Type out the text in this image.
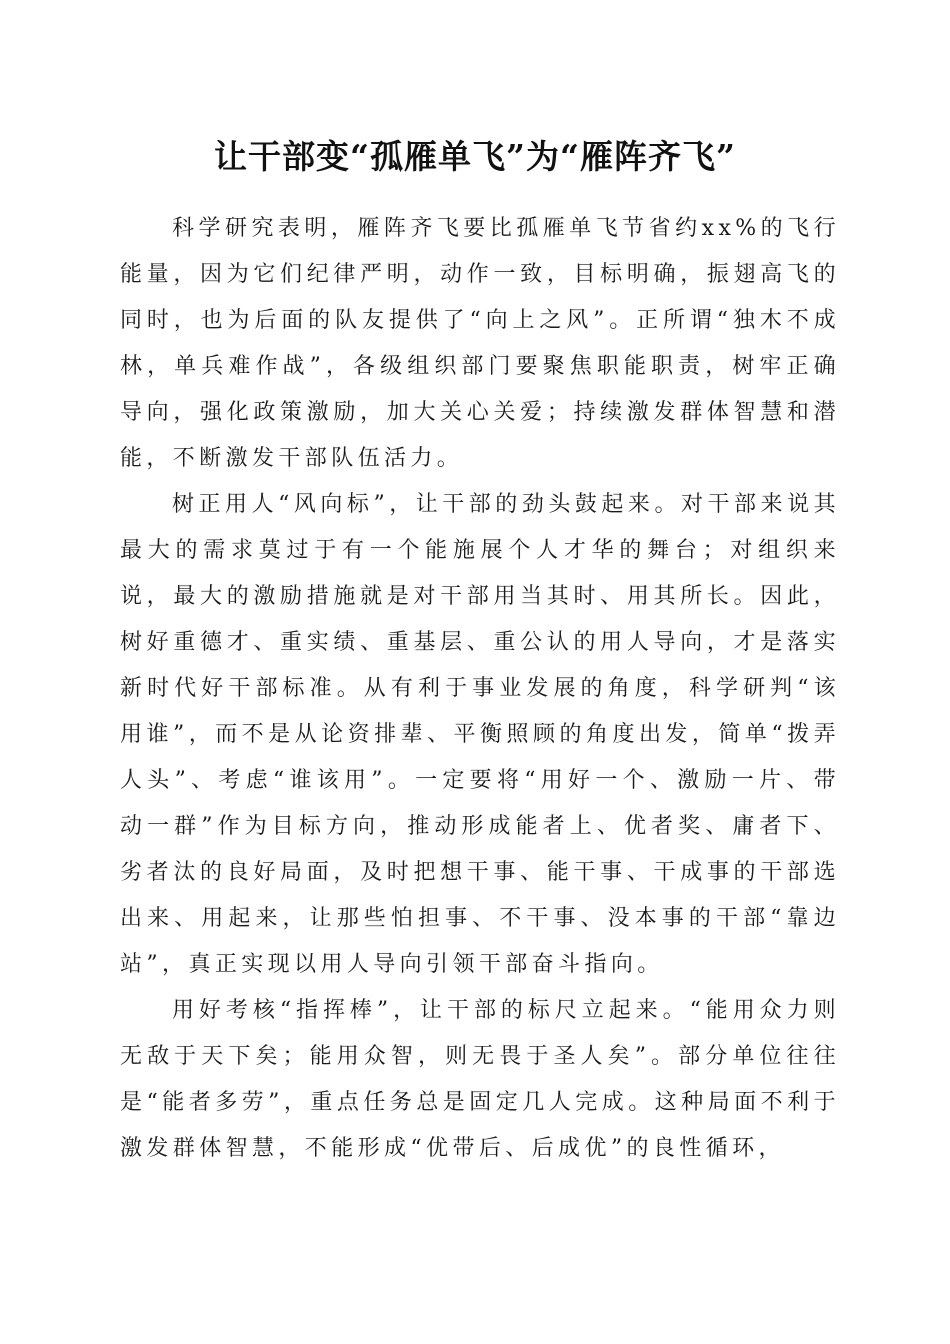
让干部变“孤雁单飞”为“雁阵齐飞”

科学研究表明，雁阵齐飞要比孤雁单飞节省约xx%的飞行能量，因为它们纪律严明，动作一致，目标明确，振翅高飞的同时，也为后面的队友提供了“向上之风”。正所谓“独木不成林，单兵难作战”，各级组织部门要聚焦职能职责，树牢正确导向，强化政策激励，加大关心关爱；持续激发群体智慧和潜能，不断激发干部队伍活力。

树正用人“风向标”，让干部的劲头鼓起来。对干部来说其最大的需求莫过于有一个能施展个人才华的舞台；对组织来说，最大的激励措施就是对干部用当其时、用其所长。因此，树好重德才、重实绩、重基层、重公认的用人导向，才是落实新时代好干部标准。从有利于事业发展的角度，科学研判“该用谁”，而不是从论资排辈、平衡照顾的角度出发，简单“拨弄人头”、考虑“谁该用”。一定要将“用好一个、激励一片、带动一群”作为目标方向，推动形成能者上、优者奖、庸者下、劣者汰的良好局面，及时把想干事、能干事、干成事的干部选出来、用起来，让那些怕担事、不干事、没本事的干部“靠边站”，真正实现以用人导向引领干部奋斗指向。

用好考核“指挥棒”，让干部的标尺立起来。“能用众力则无敌于天下矣；能用众智，则无畏于圣人矣”。部分单位往往是“能者多劳”，重点任务总是固定几人完成。这种局面不利于激发群体智慧，不能形成“优带后、后成优”的良性循环，
